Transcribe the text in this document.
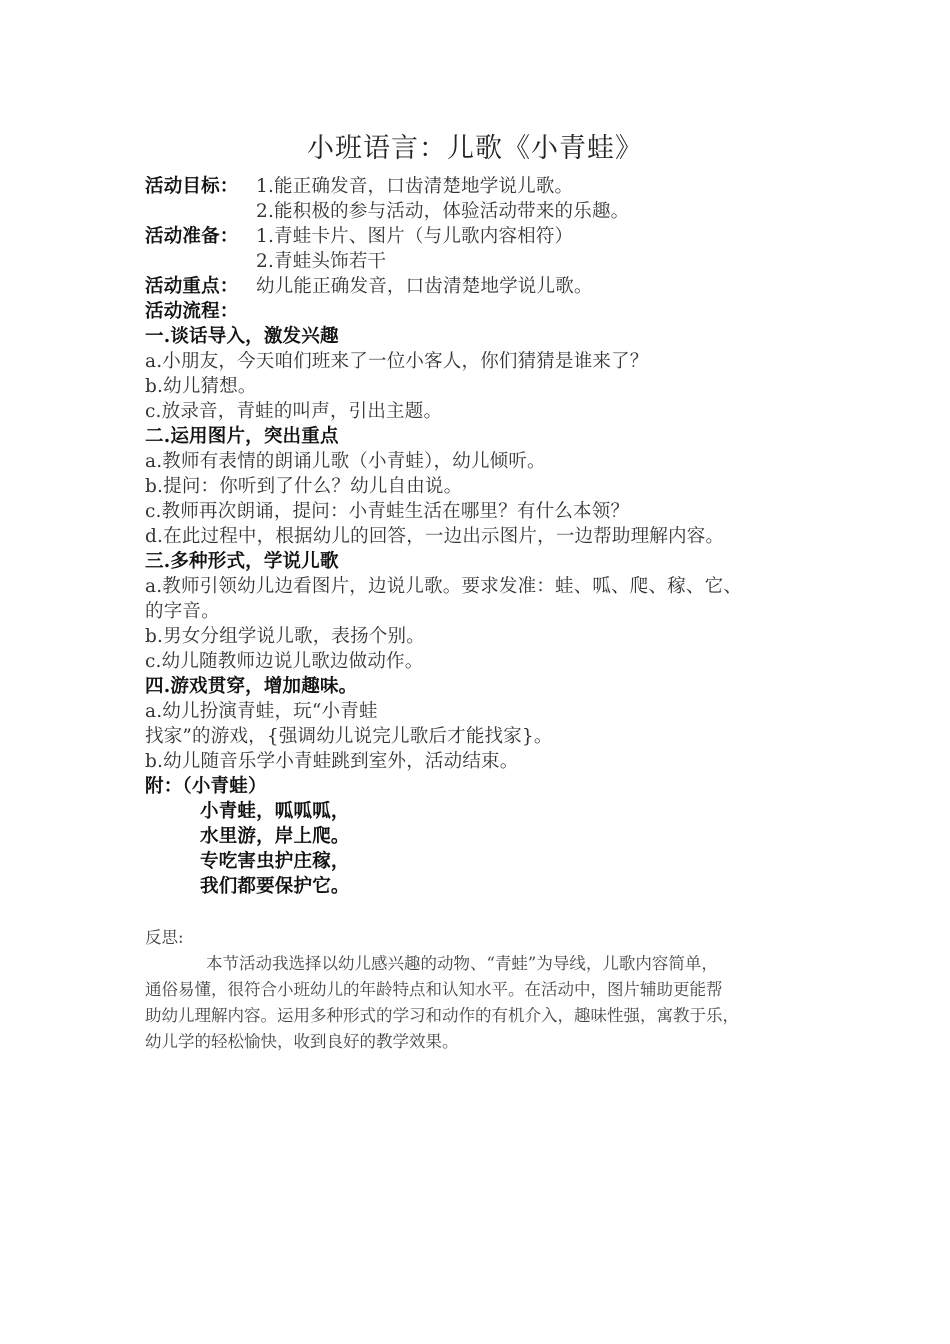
小班语言：儿歌《小青蛙》
活动目标： 1.能正确发音，口齿清楚地学说儿歌。
2.能积极的参与活动，体验活动带来的乐趣。
活动准备： 1.青蛙卡片、图片（与儿歌内容相符）
2.青蛙头饰若干
活动重点： 幼儿能正确发音，口齿清楚地学说儿歌。
活动流程：
一.谈话导入，激发兴趣
a.小朋友，今天咱们班来了一位小客人，你们猜猜是谁来了？
b.幼儿猜想。
c.放录音，青蛙的叫声，引出主题。
二.运用图片，突出重点
a.教师有表情的朗诵儿歌（小青蛙），幼儿倾听。
b.提问：你听到了什么？幼儿自由说。
c.教师再次朗诵，提问：小青蛙生活在哪里？有什么本领？
d.在此过程中，根据幼儿的回答，一边出示图片，一边帮助理解内容。
三.多种形式，学说儿歌
a.教师引领幼儿边看图片，边说儿歌。要求发准：蛙、呱、爬、稼、它、
的字音。
b.男女分组学说儿歌，表扬个别。
c.幼儿随教师边说儿歌边做动作。
四.游戏贯穿，增加趣味。
a.幼儿扮演青蛙，玩“小青蛙
找家”的游戏，{强调幼儿说完儿歌后才能找家}。
b.幼儿随音乐学小青蛙跳到室外，活动结束。
附：（小青蛙）
小青蛙，呱呱呱，
水里游，岸上爬。
专吃害虫护庄稼，
我们都要保护它。
反思:
本节活动我选择以幼儿感兴趣的动物、“青蛙”为导线，儿歌内容简单，
通俗易懂，很符合小班幼儿的年龄特点和认知水平。在活动中，图片辅助更能帮
助幼儿理解内容。运用多种形式的学习和动作的有机介入，趣味性强，寓教于乐，
幼儿学的轻松愉快，收到良好的教学效果。
